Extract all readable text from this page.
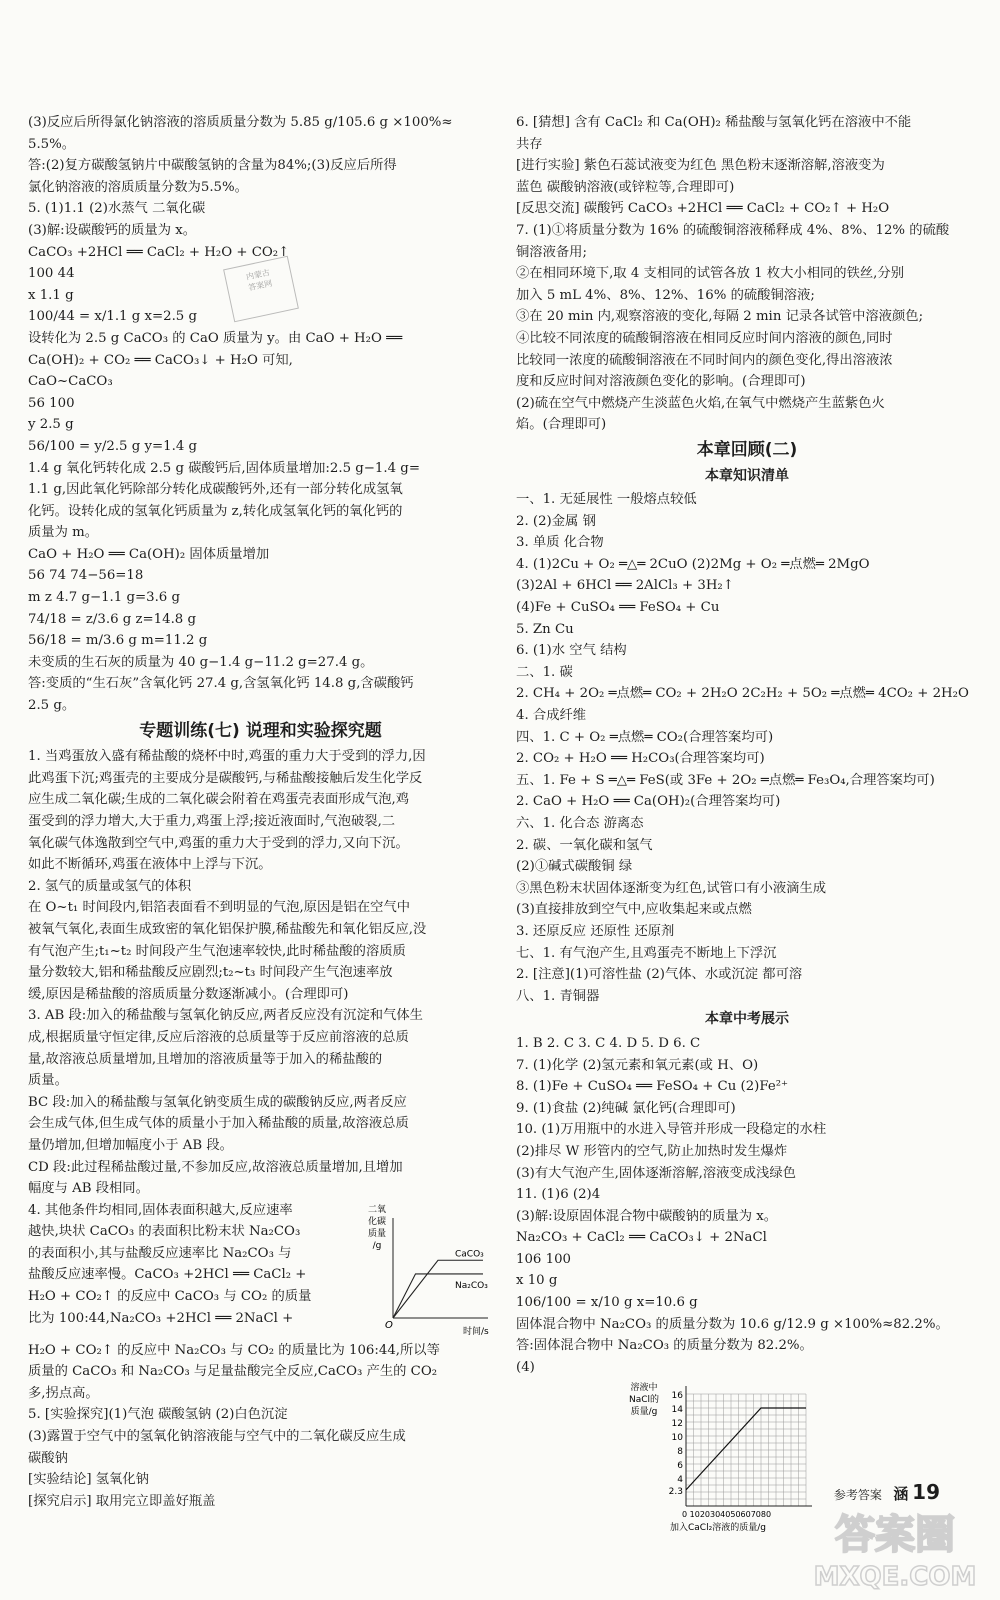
(3)反应后所得氯化钠溶液的溶质质量分数为 5.85 g/105.6 g ×100%≈
5.5%。
答:(2)复方碳酸氢钠片中碳酸氢钠的含量为84%;(3)反应后所得
氯化钠溶液的溶质质量分数为5.5%。
5. (1)1.1 (2)水蒸气 二氧化碳
(3)解:设碳酸钙的质量为 x。
CaCO₃ +2HCl ══ CaCl₂ + H₂O + CO₂↑
100 44
x 1.1 g
100/44 = x/1.1 g x=2.5 g
设转化为 2.5 g CaCO₃ 的 CaO 质量为 y。由 CaO + H₂O ══
Ca(OH)₂ + CO₂ ══ CaCO₃↓ + H₂O 可知,
CaO~CaCO₃
56 100
y 2.5 g
56/100 = y/2.5 g y=1.4 g
1.4 g 氧化钙转化成 2.5 g 碳酸钙后,固体质量增加:2.5 g−1.4 g=
1.1 g,因此氧化钙除部分转化成碳酸钙外,还有一部分转化成氢氧
化钙。设转化成的氢氧化钙质量为 z,转化成氢氧化钙的氧化钙的
质量为 m。
CaO + H₂O ══ Ca(OH)₂ 固体质量增加
56 74 74−56=18
m z 4.7 g−1.1 g=3.6 g
74/18 = z/3.6 g z=14.8 g
56/18 = m/3.6 g m=11.2 g
未变质的生石灰的质量为 40 g−1.4 g−11.2 g=27.4 g。
答:变质的“生石灰”含氧化钙 27.4 g,含氢氧化钙 14.8 g,含碳酸钙
2.5 g。
专题训练(七) 说理和实验探究题
1. 当鸡蛋放入盛有稀盐酸的烧杯中时,鸡蛋的重力大于受到的浮力,因
此鸡蛋下沉;鸡蛋壳的主要成分是碳酸钙,与稀盐酸接触后发生化学反
应生成二氧化碳;生成的二氧化碳会附着在鸡蛋壳表面形成气泡,鸡
蛋受到的浮力增大,大于重力,鸡蛋上浮;接近液面时,气泡破裂,二
氧化碳气体逸散到空气中,鸡蛋的重力大于受到的浮力,又向下沉。
如此不断循环,鸡蛋在液体中上浮与下沉。
2. 氢气的质量或氢气的体积
在 O~t₁ 时间段内,铝箔表面看不到明显的气泡,原因是铝在空气中
被氧气氧化,表面生成致密的氧化铝保护膜,稀盐酸先和氧化铝反应,没
有气泡产生;t₁~t₂ 时间段产生气泡速率较快,此时稀盐酸的溶质质
量分数较大,铝和稀盐酸反应剧烈;t₂~t₃ 时间段产生气泡速率放
缓,原因是稀盐酸的溶质质量分数逐渐减小。(合理即可)
3. AB 段:加入的稀盐酸与氢氧化钠反应,两者反应没有沉淀和气体生
成,根据质量守恒定律,反应后溶液的总质量等于反应前溶液的总质
量,故溶液总质量增加,且增加的溶液质量等于加入的稀盐酸的
质量。
BC 段:加入的稀盐酸与氢氧化钠变质生成的碳酸钠反应,两者反应
会生成气体,但生成气体的质量小于加入稀盐酸的质量,故溶液总质
量仍增加,但增加幅度小于 AB 段。
CD 段:此过程稀盐酸过量,不参加反应,故溶液总质量增加,且增加
幅度与 AB 段相同。
4. 其他条件均相同,固体表面积越大,反应速率
越快,块状 CaCO₃ 的表面积比粉末状 Na₂CO₃
的表面积小,其与盐酸反应速率比 Na₂CO₃ 与
盐酸反应速率慢。CaCO₃ +2HCl ══ CaCl₂ +
H₂O + CO₂↑ 的反应中 CaCO₃ 与 CO₂ 的质量
比为 100:44,Na₂CO₃ +2HCl ══ 2NaCl +
二氧
化碳
质量
/g
O
时间/s
CaCO₃
Na₂CO₃
H₂O + CO₂↑ 的反应中 Na₂CO₃ 与 CO₂ 的质量比为 106:44,所以等
质量的 CaCO₃ 和 Na₂CO₃ 与足量盐酸完全反应,CaCO₃ 产生的 CO₂
多,拐点高。
5. [实验探究](1)气泡 碳酸氢钠 (2)白色沉淀
(3)露置于空气中的氢氧化钠溶液能与空气中的二氧化碳反应生成
碳酸钠
[实验结论] 氢氧化钠
[探究启示] 取用完立即盖好瓶盖
6. [猜想] 含有 CaCl₂ 和 Ca(OH)₂ 稀盐酸与氢氧化钙在溶液中不能
共存
[进行实验] 紫色石蕊试液变为红色 黑色粉末逐渐溶解,溶液变为
蓝色 碳酸钠溶液(或锌粒等,合理即可)
[反思交流] 碳酸钙 CaCO₃ +2HCl ══ CaCl₂ + CO₂↑ + H₂O
7. (1)①将质量分数为 16% 的硫酸铜溶液稀释成 4%、8%、12% 的硫酸
铜溶液备用;
②在相同环境下,取 4 支相同的试管各放 1 枚大小相同的铁丝,分别
加入 5 mL 4%、8%、12%、16% 的硫酸铜溶液;
③在 20 min 内,观察溶液的变化,每隔 2 min 记录各试管中溶液颜色;
④比较不同浓度的硫酸铜溶液在相同反应时间内溶液的颜色,同时
比较同一浓度的硫酸铜溶液在不同时间内的颜色变化,得出溶液浓
度和反应时间对溶液颜色变化的影响。(合理即可)
(2)硫在空气中燃烧产生淡蓝色火焰,在氧气中燃烧产生蓝紫色火
焰。(合理即可)
本章回顾(二)
本章知识清单
一、1. 无延展性 一般熔点较低
2. (2)金属 钢
3. 单质 化合物
4. (1)2Cu + O₂ ═△═ 2CuO (2)2Mg + O₂ ═点燃═ 2MgO
(3)2Al + 6HCl ══ 2AlCl₃ + 3H₂↑
(4)Fe + CuSO₄ ══ FeSO₄ + Cu
5. Zn Cu
6. (1)水 空气 结构
二、1. 碳
2. CH₄ + 2O₂ ═点燃═ CO₂ + 2H₂O 2C₂H₂ + 5O₂ ═点燃═ 4CO₂ + 2H₂O
4. 合成纤维
四、1. C + O₂ ═点燃═ CO₂(合理答案均可)
2. CO₂ + H₂O ══ H₂CO₃(合理答案均可)
五、1. Fe + S ═△═ FeS(或 3Fe + 2O₂ ═点燃═ Fe₃O₄,合理答案均可)
2. CaO + H₂O ══ Ca(OH)₂(合理答案均可)
六、1. 化合态 游离态
2. 碳、一氧化碳和氢气
(2)①碱式碳酸铜 绿
③黑色粉末状固体逐渐变为红色,试管口有小液滴生成
(3)直接排放到空气中,应收集起来或点燃
3. 还原反应 还原性 还原剂
七、1. 有气泡产生,且鸡蛋壳不断地上下浮沉
2. [注意](1)可溶性盐 (2)气体、水或沉淀 都可溶
八、1. 青铜器
本章中考展示
1. B 2. C 3. C 4. D 5. D 6. C
7. (1)化学 (2)氢元素和氧元素(或 H、O)
8. (1)Fe + CuSO₄ ══ FeSO₄ + Cu (2)Fe²⁺
9. (1)食盐 (2)纯碱 氯化钙(合理即可)
10. (1)万用瓶中的水进入导管并形成一段稳定的水柱
(2)排尽 W 形管内的空气,防止加热时发生爆炸
(3)有大气泡产生,固体逐渐溶解,溶液变成浅绿色
11. (1)6 (2)4
(3)解:设原固体混合物中碳酸钠的质量为 x。
Na₂CO₃ + CaCl₂ ══ CaCO₃↓ + 2NaCl
106 100
x 10 g
106/100 = x/10 g x=10.6 g
固体混合物中 Na₂CO₃ 的质量分数为 10.6 g/12.9 g ×100%≈82.2%。
答:固体混合物中 Na₂CO₃ 的质量分数为 82.2%。
(4)
16
14
12
10
8
6
4
2.3
0 1020304050607080
加入CaCl₂溶液的质量/g
溶液中
NaCl的
质量/g
内蒙古
答案网
参考答案 涵 19
答案圈
MXQE.COM
